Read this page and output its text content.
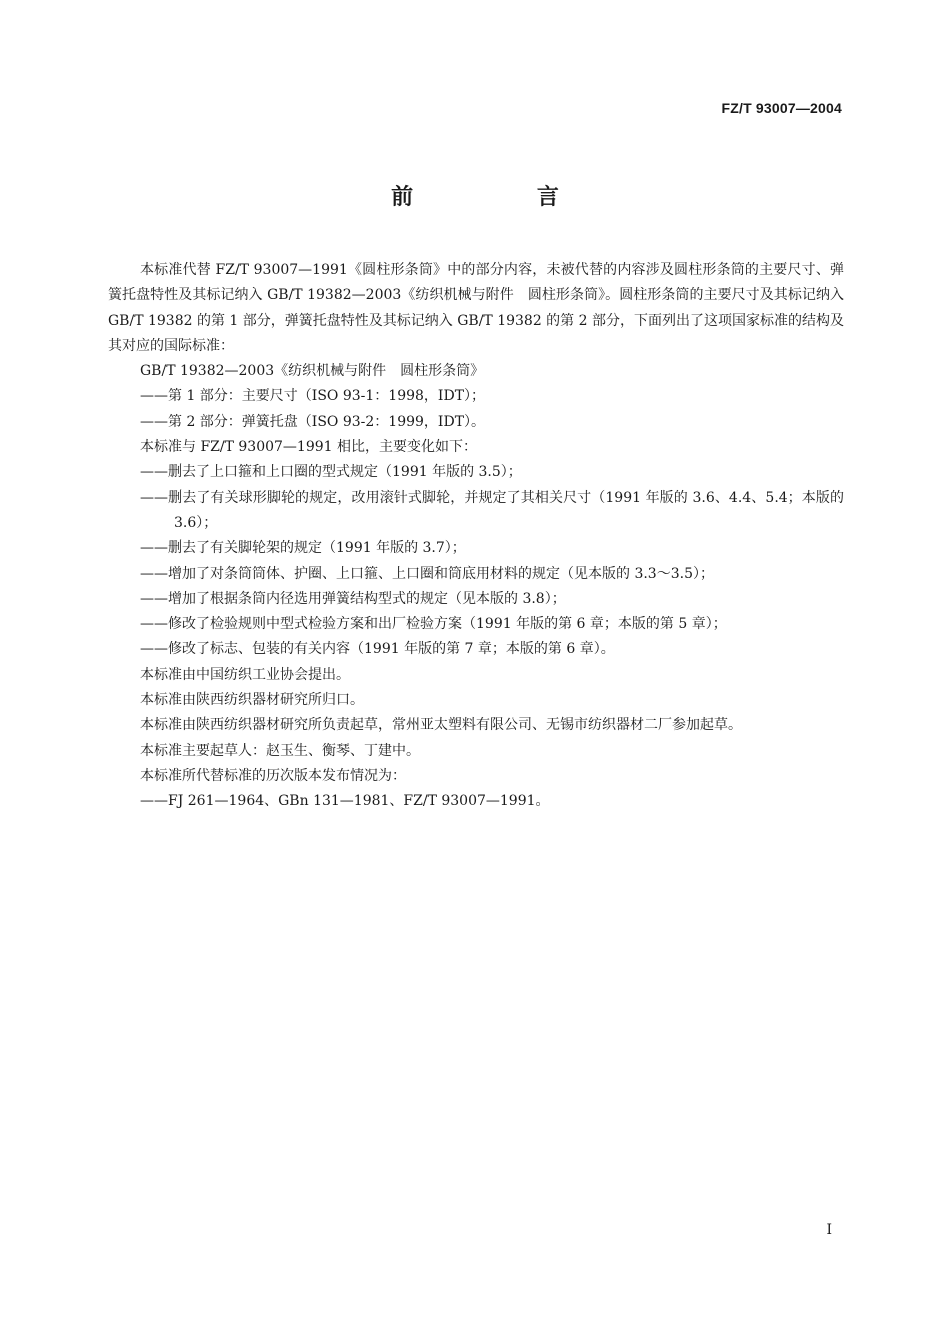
FZ/T 93007—2004
前 言

本标准代替 FZ/T 93007—1991《圆柱形条筒》中的部分内容，未被代替的内容涉及圆柱形条筒的主要尺寸、弹簧托盘特性及其标记纳入 GB/T 19382—2003《纺织机械与附件　圆柱形条筒》。圆柱形条筒的主要尺寸及其标记纳入 GB/T 19382 的第 1 部分，弹簧托盘特性及其标记纳入 GB/T 19382 的第 2 部分，下面列出了这项国家标准的结构及其对应的国际标准：

GB/T 19382—2003《纺织机械与附件　圆柱形条筒》

——第 1 部分：主要尺寸（ISO 93-1：1998，IDT）；

——第 2 部分：弹簧托盘（ISO 93-2：1999，IDT）。

本标准与 FZ/T 93007—1991 相比，主要变化如下：

——删去了上口箍和上口圈的型式规定（1991 年版的 3.5）；

——删去了有关球形脚轮的规定，改用滚针式脚轮，并规定了其相关尺寸（1991 年版的 3.6、4.4、5.4；本版的 3.6）；

——删去了有关脚轮架的规定（1991 年版的 3.7）；

——增加了对条筒筒体、护圈、上口箍、上口圈和筒底用材料的规定（见本版的 3.3～3.5）；

——增加了根据条筒内径选用弹簧结构型式的规定（见本版的 3.8）；

——修改了检验规则中型式检验方案和出厂检验方案（1991 年版的第 6 章；本版的第 5 章）；

——修改了标志、包装的有关内容（1991 年版的第 7 章；本版的第 6 章）。

本标准由中国纺织工业协会提出。

本标准由陕西纺织器材研究所归口。

本标准由陕西纺织器材研究所负责起草，常州亚太塑料有限公司、无锡市纺织器材二厂参加起草。

本标准主要起草人：赵玉生、衡琴、丁建中。

本标准所代替标准的历次版本发布情况为：

——FJ 261—1964、GBn 131—1981、FZ/T 93007—1991。

I
